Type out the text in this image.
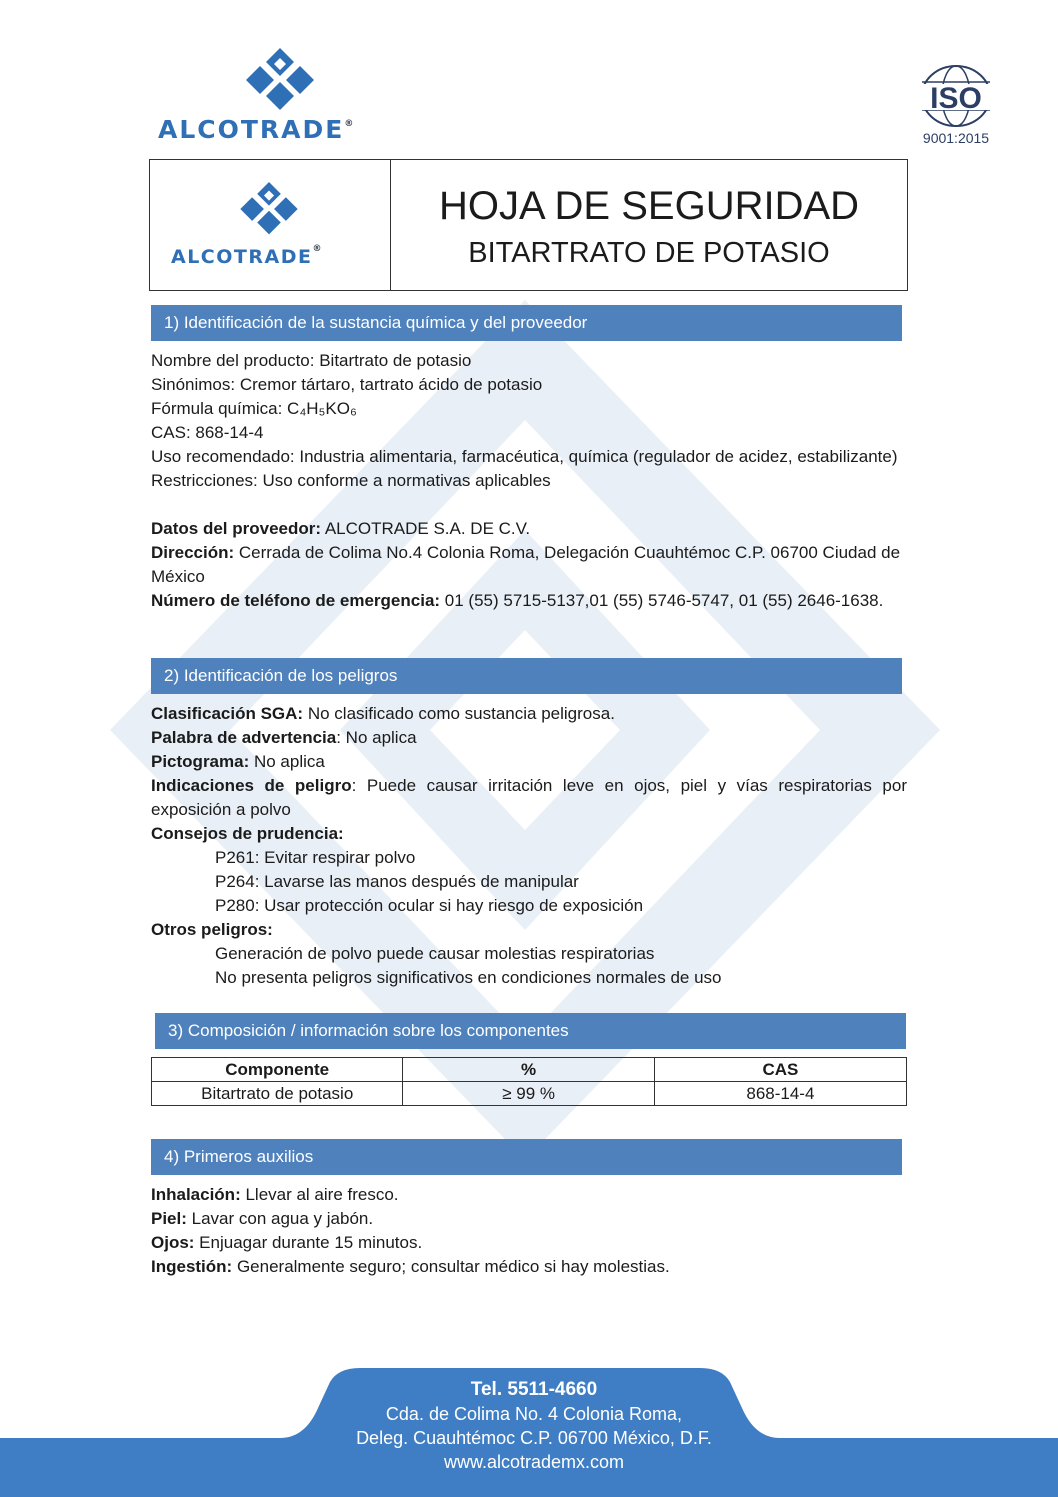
ALCOTRADE®
ISO
9001:2015
ALCOTRADE®
HOJA DE SEGURIDAD
BITARTRATO DE POTASIO
1) Identificación de la sustancia química y del proveedor

Nombre del producto: Bitartrato de potasio

Sinónimos: Cremor tártaro, tartrato ácido de potasio

Fórmula química: C₄H₅KO₆

CAS: 868-14-4

Uso recomendado: Industria alimentaria, farmacéutica, química (regulador de acidez, estabilizante)

Restricciones: Uso conforme a normativas aplicables

Datos del proveedor: ALCOTRADE S.A. DE C.V.

Dirección: Cerrada de Colima No.4 Colonia Roma, Delegación Cuauhtémoc C.P. 06700 Ciudad de México

Número de teléfono de emergencia: 01 (55) 5715-5137,01 (55) 5746-5747, 01 (55) 2646-1638.

2) Identificación de los peligros

Clasificación SGA: No clasificado como sustancia peligrosa.

Palabra de advertencia: No aplica

Pictograma: No aplica

Indicaciones de peligro: Puede causar irritación leve en ojos, piel y vías respiratorias por exposición a polvo

Consejos de prudencia:

P261: Evitar respirar polvo

P264: Lavarse las manos después de manipular

P280: Usar protección ocular si hay riesgo de exposición

Otros peligros:

Generación de polvo puede causar molestias respiratorias

No presenta peligros significativos en condiciones normales de uso

3) Composición / información sobre los componentes
Componente	%	CAS
Bitartrato de potasio	≥ 99 %	868-14-4
4) Primeros auxilios

Inhalación: Llevar al aire fresco.

Piel: Lavar con agua y jabón.

Ojos: Enjuagar durante 15 minutos.

Ingestión: Generalmente seguro; consultar médico si hay molestias.

Tel. 5511-4660
Cda. de Colima No. 4 Colonia Roma,
Deleg. Cuauhtémoc C.P. 06700 México, D.F.
www.alcotrademx.com
